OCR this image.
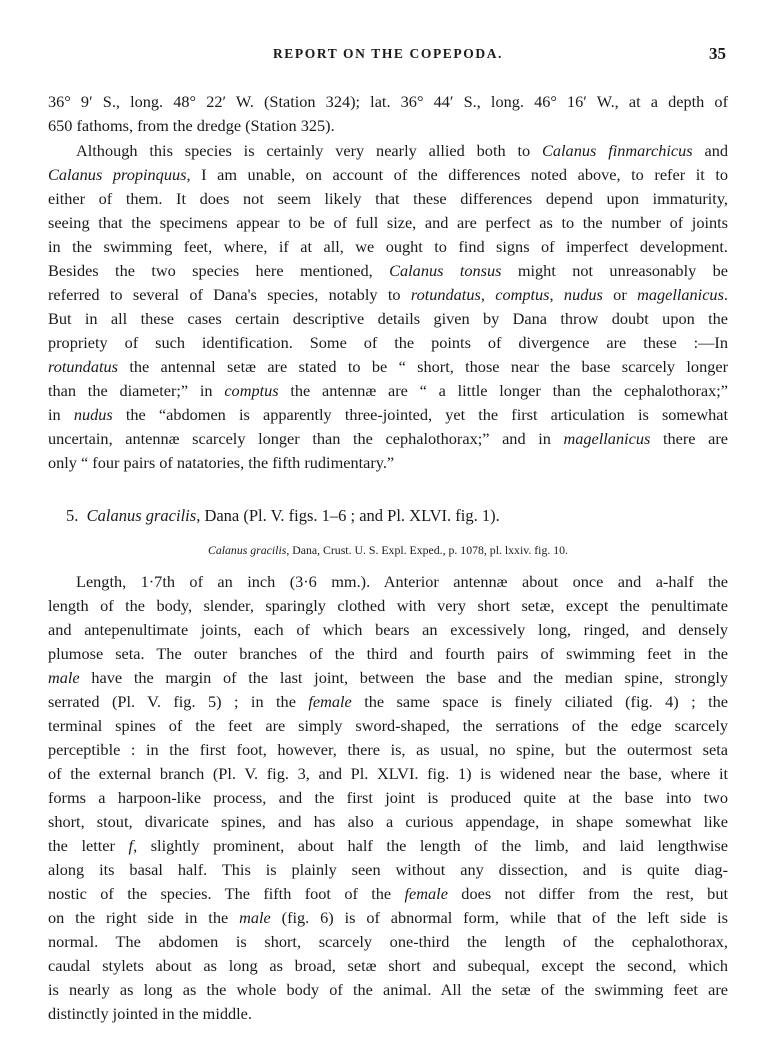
REPORT ON THE COPEPODA.	35
36° 9′ S., long. 48° 22′ W. (Station 324); lat. 36° 44′ S., long. 46° 16′ W., at a depth of
650 fathoms, from the dredge (Station 325).
Although this species is certainly very nearly allied both to Calanus finmarchicus and
Calanus propinquus, I am unable, on account of the differences noted above, to refer it to
either of them. It does not seem likely that these differences depend upon immaturity,
seeing that the specimens appear to be of full size, and are perfect as to the number of joints
in the swimming feet, where, if at all, we ought to find signs of imperfect development.
Besides the two species here mentioned, Calanus tonsus might not unreasonably be
referred to several of Dana's species, notably to rotundatus, comptus, nudus or magellanicus.
But in all these cases certain descriptive details given by Dana throw doubt upon the
propriety of such identification. Some of the points of divergence are these :—In
rotundatus the antennal setæ are stated to be “ short, those near the base scarcely longer
than the diameter;” in comptus the antennæ are “ a little longer than the cephalothorax;”
in nudus the “abdomen is apparently three-jointed, yet the first articulation is somewhat
uncertain, antennæ scarcely longer than the cephalothorax;” and in magellanicus there are
only “ four pairs of natatories, the fifth rudimentary.”
5. Calanus gracilis, Dana (Pl. V. figs. 1–6 ; and Pl. XLVI. fig. 1).
Calanus gracilis, Dana, Crust. U. S. Expl. Exped., p. 1078, pl. lxxiv. fig. 10.
Length, 1·7th of an inch (3·6 mm.). Anterior antennæ about once and a-half the
length of the body, slender, sparingly clothed with very short setæ, except the penultimate
and antepenultimate joints, each of which bears an excessively long, ringed, and densely
plumose seta. The outer branches of the third and fourth pairs of swimming feet in the
male have the margin of the last joint, between the base and the median spine, strongly
serrated (Pl. V. fig. 5) ; in the female the same space is finely ciliated (fig. 4) ; the
terminal spines of the feet are simply sword-shaped, the serrations of the edge scarcely
perceptible : in the first foot, however, there is, as usual, no spine, but the outermost seta
of the external branch (Pl. V. fig. 3, and Pl. XLVI. fig. 1) is widened near the base, where it
forms a harpoon-like process, and the first joint is produced quite at the base into two
short, stout, divaricate spines, and has also a curious appendage, in shape somewhat like
the letter f, slightly prominent, about half the length of the limb, and laid lengthwise
along its basal half. This is plainly seen without any dissection, and is quite diag-
nostic of the species. The fifth foot of the female does not differ from the rest, but
on the right side in the male (fig. 6) is of abnormal form, while that of the left side is
normal. The abdomen is short, scarcely one-third the length of the cephalothorax,
caudal stylets about as long as broad, setæ short and subequal, except the second, which
is nearly as long as the whole body of the animal. All the setæ of the swimming feet are
distinctly jointed in the middle.
